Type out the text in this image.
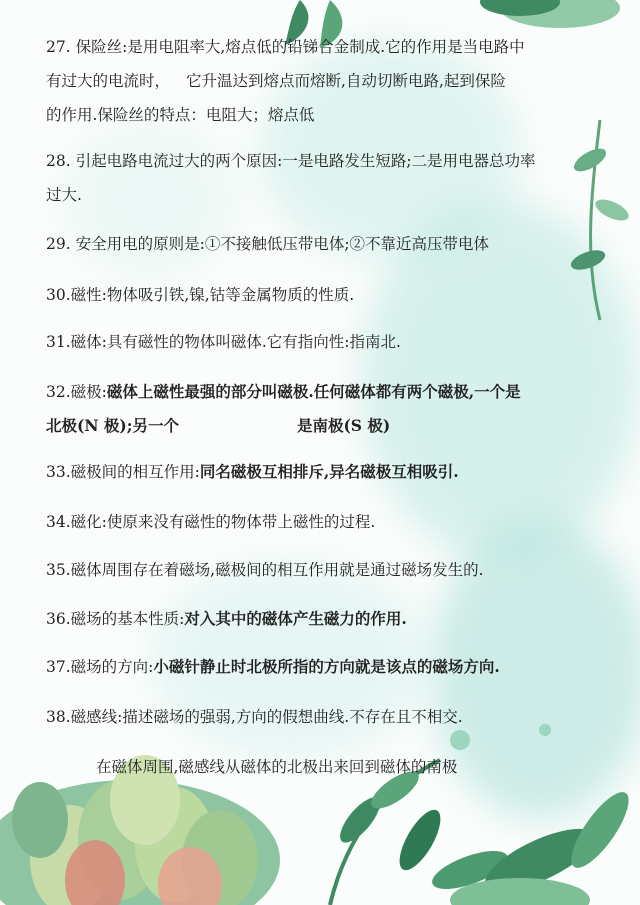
27. 保险丝:是用电阻率大,熔点低的铅锑合金制成.它的作用是当电路中

有过大的电流时， 它升温达到熔点而熔断,自动切断电路,起到保险

的作用.保险丝的特点：电阻大；熔点低

28. 引起电路电流过大的两个原因:一是电路发生短路;二是用电器总功率

过大.

29. 安全用电的原则是:①不接触低压带电体;②不靠近高压带电体

30.磁性:物体吸引铁,镍,钴等金属物质的性质.

31.磁体:具有磁性的物体叫磁体.它有指向性:指南北.

32.磁极:磁体上磁性最强的部分叫磁极.任何磁体都有两个磁极,一个是

北极(N 极);另一个	是南极(S 极)

33.磁极间的相互作用:同名磁极互相排斥,异名磁极互相吸引.

34.磁化:使原来没有磁性的物体带上磁性的过程.

35.磁体周围存在着磁场,磁极间的相互作用就是通过磁场发生的.

36.磁场的基本性质:对入其中的磁体产生磁力的作用.

37.磁场的方向:小磁针静止时北极所指的方向就是该点的磁场方向.

38.磁感线:描述磁场的强弱,方向的假想曲线.不存在且不相交.

在磁体周围,磁感线从磁体的北极出来回到磁体的南极
